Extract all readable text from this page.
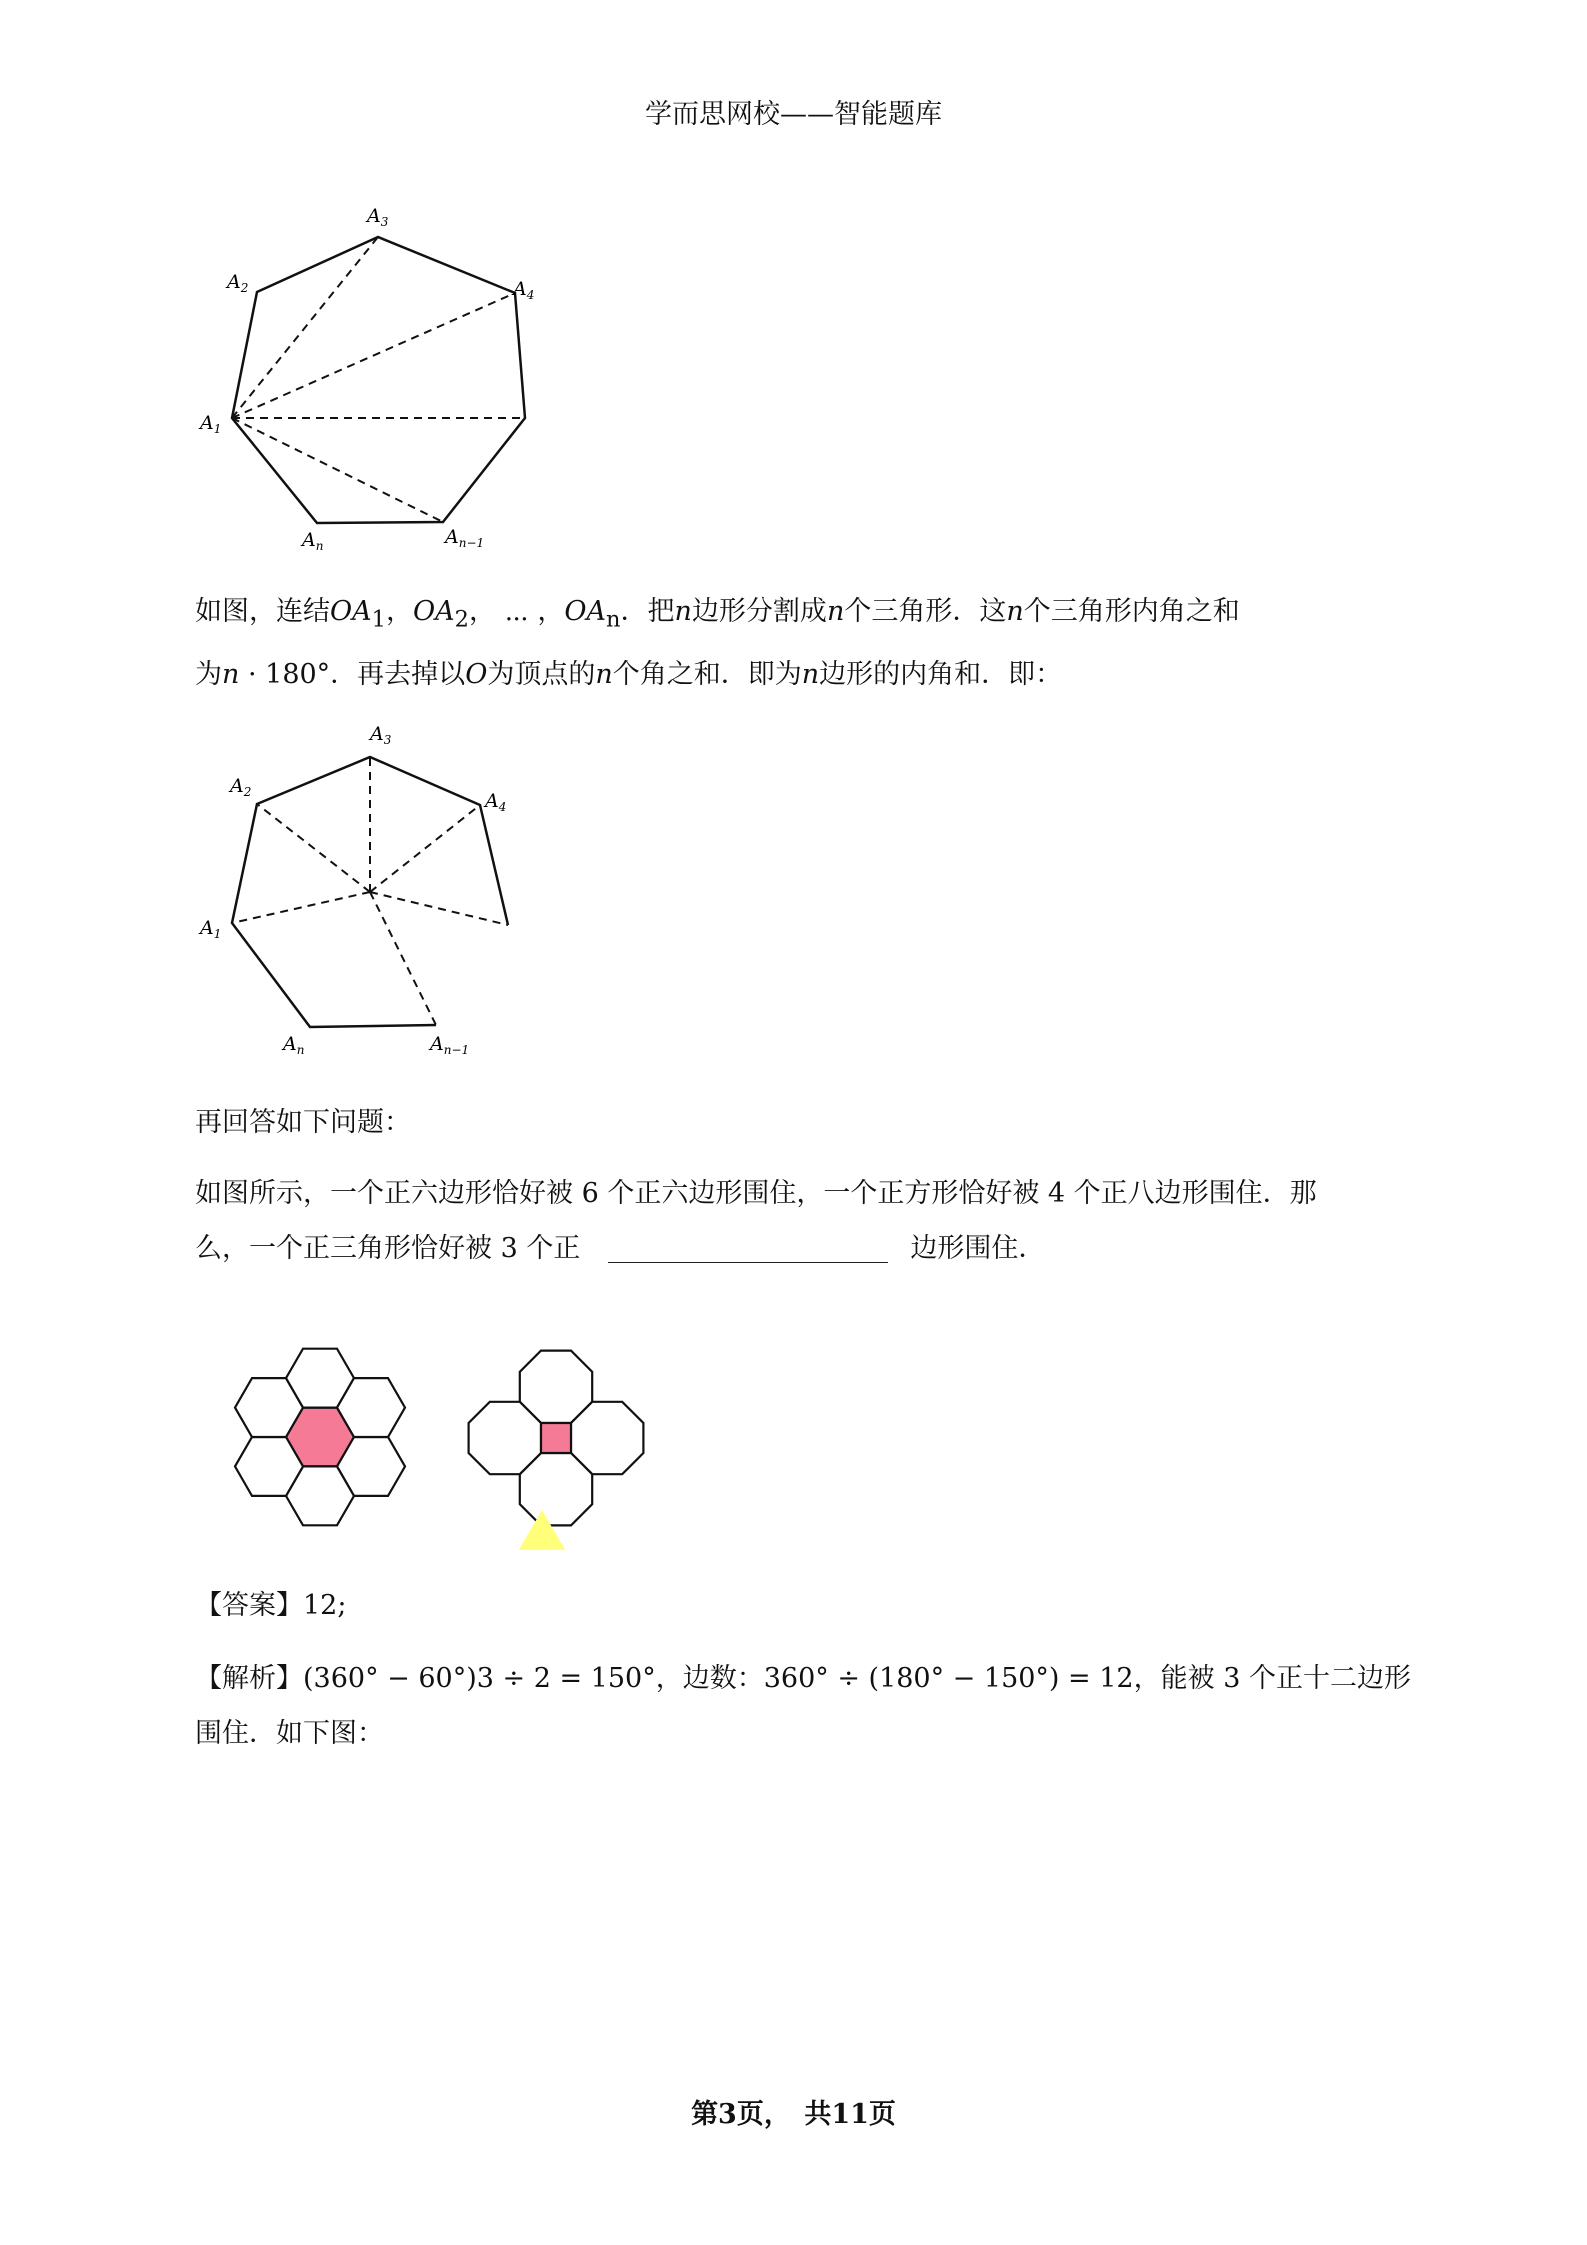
学而思网校——智能题库
$A_1$
$A_2$
$A_3$
$A_4$
$A_n$	$A_{n-1}$
如图，连结$OA_1$，$OA_2$， ⋯ ，$OA_n$．把n边形分割成n个三角形．这n个三角形内角之和
为n · 180°．再去掉以O为顶点的n个角之和．即为n边形的内角和．即：
$A_1$
$A_2$
$A_3$
$A_4$
$A_n$	$A_{n-1}$
再回答如下问题：
如图所示，一个正六边形恰好被 6 个正六边形围住，一个正方形恰好被 4 个正八边形围住．那
么，一个正三角形恰好被 3 个正	边形围住．
【答案】12;
【解析】(360° − 60°)3 ÷ 2 = 150°，边数：360° ÷ (180° − 150°) = 12，能被 3 个正十二边形
围住．如下图：
第3页，　共11页
